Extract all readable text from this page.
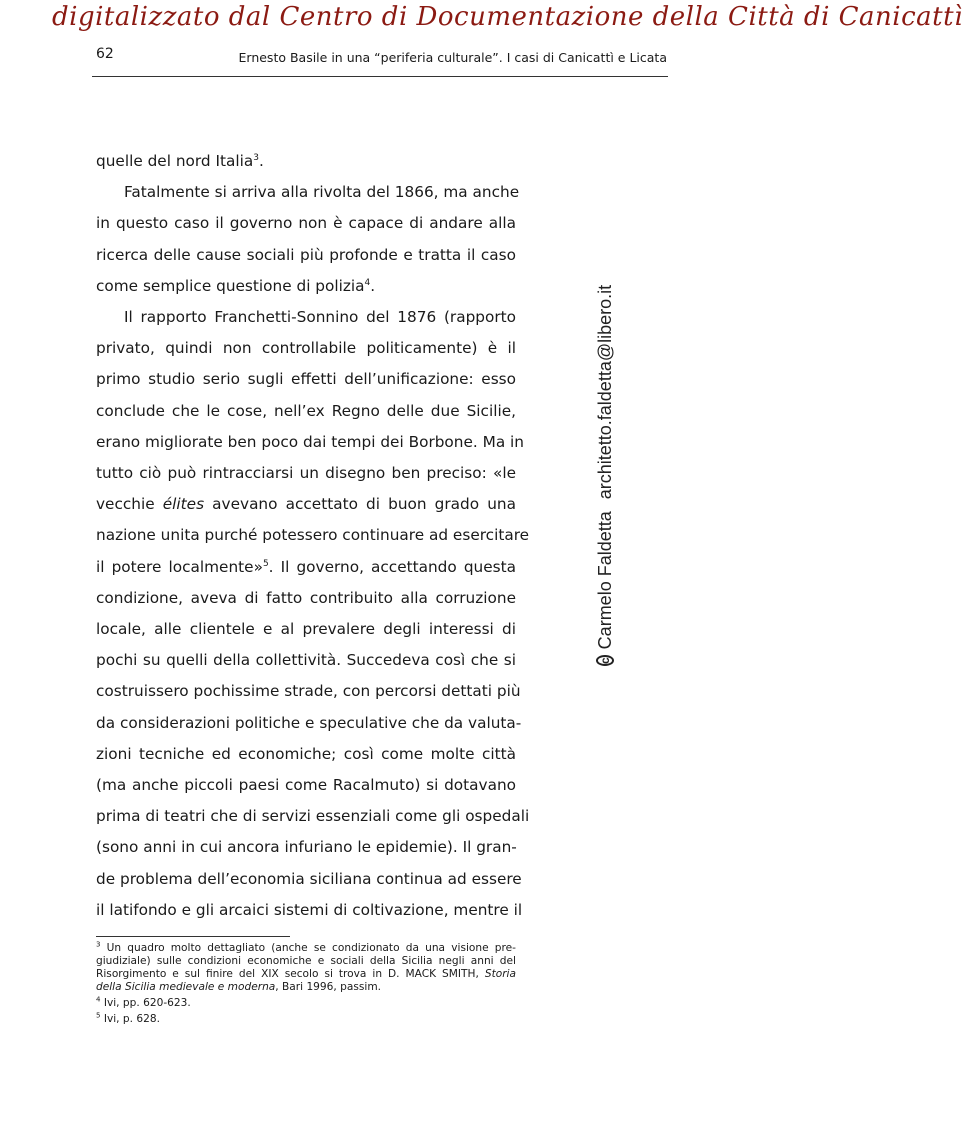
digitalizzato dal Centro di Documentazione della Città di Canicattì
62	Ernesto Basile in una “periferia culturale”. I casi di Canicattì e Licata
quelle del nord Italia$^3$.
Fatalmente si arriva alla rivolta del 1866, ma anche
in questo caso il governo non è capace di andare alla
ricerca delle cause sociali più profonde e tratta il caso
come semplice questione di polizia$^4$.
Il rapporto Franchetti-Sonnino del 1876 (rapporto
privato, quindi non controllabile politicamente) è il
primo studio serio sugli effetti dell’unificazione: esso
conclude che le cose, nell’ex Regno delle due Sicilie,
erano migliorate ben poco dai tempi dei Borbone. Ma in
tutto ciò può rintracciarsi un disegno ben preciso: «le
vecchie élites avevano accettato di buon grado una
nazione unita purché potessero continuare ad esercitare
il potere localmente»$^5$. Il governo, accettando questa
condizione, aveva di fatto contribuito alla corruzione
locale, alle clientele e al prevalere degli interessi di
pochi su quelli della collettività. Succedeva così che si
costruissero pochissime strade, con percorsi dettati più
da considerazioni politiche e speculative che da valuta-
zioni tecniche ed economiche; così come molte città
(ma anche piccoli paesi come Racalmuto) si dotavano
prima di teatri che di servizi essenziali come gli ospedali
(sono anni in cui ancora infuriano le epidemie). Il gran-
de problema dell’economia siciliana continua ad essere
il latifondo e gli arcaici sistemi di coltivazione, mentre il
$^3$ Un quadro molto dettagliato (anche se condizionato da una visione pre-
giudiziale) sulle condizioni economiche e sociali della Sicilia negli anni del
Risorgimento e sul finire del XIX secolo si trova in D. MACK SMITH, Storia
della Sicilia medievale e moderna, Bari 1996, passim.
$^4$ Ivi, pp. 620-623.
$^5$ Ivi, p. 628.
c
Carmelo Faldetta
architetto.faldetta@libero.it
